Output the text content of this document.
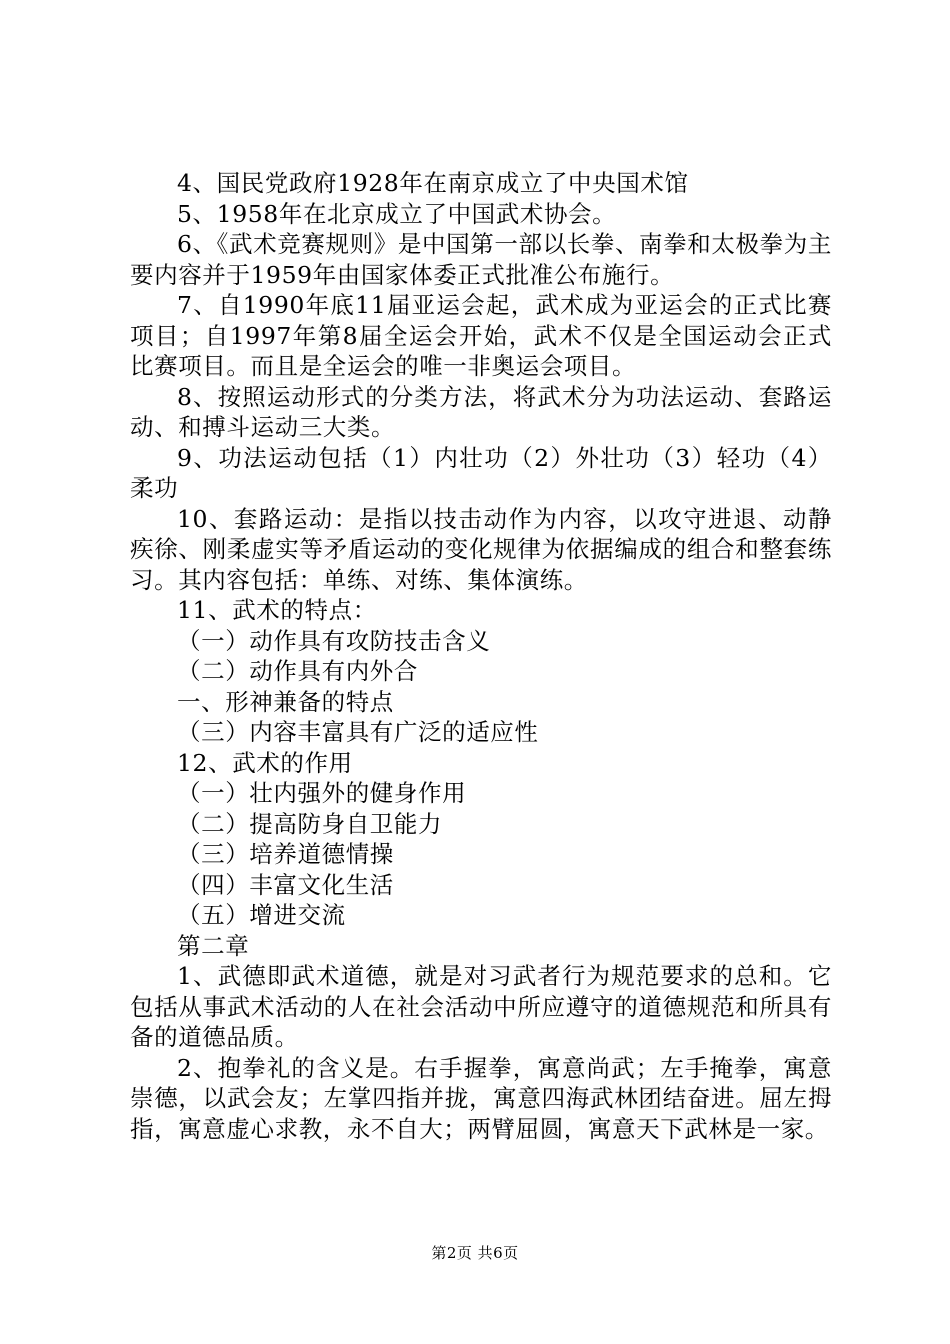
4、国民党政府1928年在南京成立了中央国术馆

5、1958年在北京成立了中国武术协会。

6、《武术竞赛规则》是中国第一部以长拳、南拳和太极拳为主要内容并于1959年由国家体委正式批准公布施行。

7、自1990年底11届亚运会起，武术成为亚运会的正式比赛项目；自1997年第8届全运会开始，武术不仅是全国运动会正式比赛项目。而且是全运会的唯一非奥运会项目。

8、按照运动形式的分类方法，将武术分为功法运动、套路运动、和搏斗运动三大类。

9、功法运动包括（1）内壮功（2）外壮功（3）轻功（4）柔功

10、套路运动：是指以技击动作为内容，以攻守进退、动静疾徐、刚柔虚实等矛盾运动的变化规律为依据编成的组合和整套练习。其内容包括：单练、对练、集体演练。

11、武术的特点：

（一）动作具有攻防技击含义

（二）动作具有内外合

一、形神兼备的特点

（三）内容丰富具有广泛的适应性

12、武术的作用

（一）壮内强外的健身作用

（二）提高防身自卫能力

（三）培养道德情操

（四）丰富文化生活

（五）增进交流

第二章

1、武德即武术道德，就是对习武者行为规范要求的总和。它包括从事武术活动的人在社会活动中所应遵守的道德规范和所具有备的道德品质。

2、抱拳礼的含义是。右手握拳，寓意尚武；左手掩拳，寓意崇德，以武会友；左掌四指并拢，寓意四海武林团结奋进。屈左拇指，寓意虚心求教，永不自大；两臂屈圆，寓意天下武林是一家。

第2页 共6页
